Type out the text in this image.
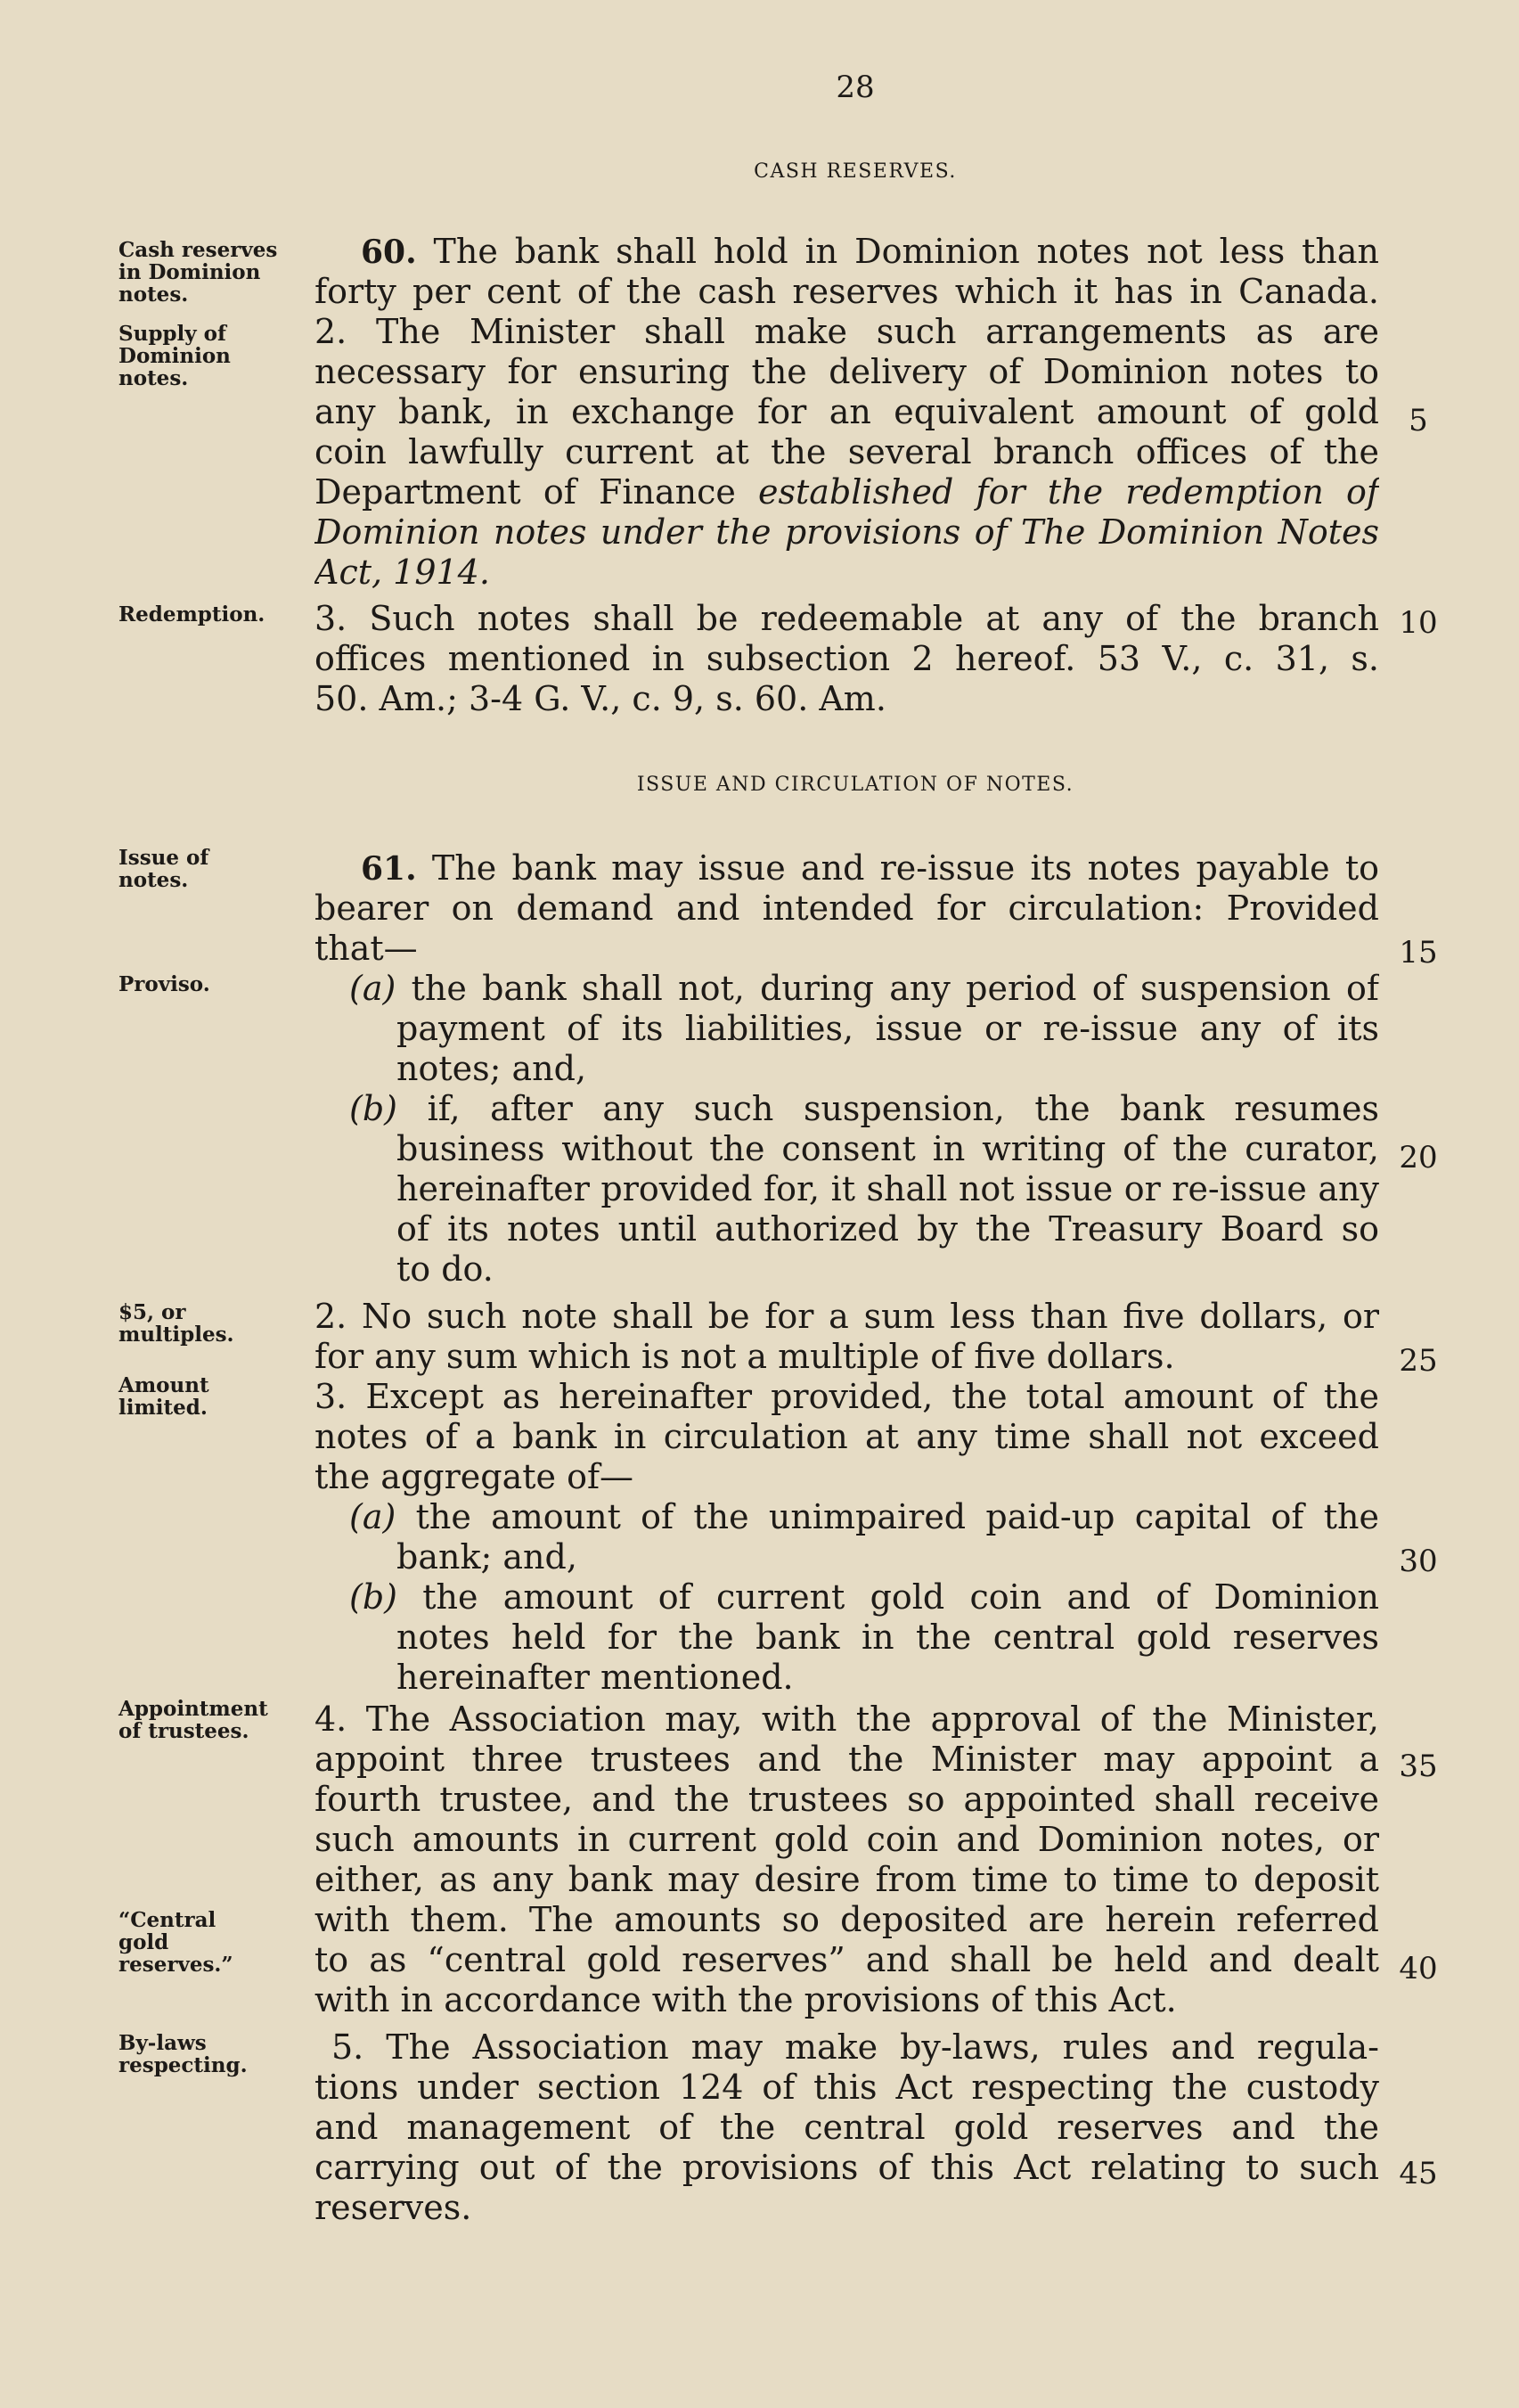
28
CASH RESERVES.
ISSUE AND CIRCULATION OF NOTES.
Cash reserves in Dominion notes.
Supply of Dominion notes.
Redemption.
Issue of notes.
Proviso.
$5, or multiples.
Amount limited.
Appointment of trustees.
“Central gold reserves.”
By-laws respecting.
60. The bank shall hold in Dominion notes not less than
forty per cent of the cash reserves which it has in Canada.
2. The Minister shall make such arrangements as are
necessary for ensuring the delivery of Dominion notes to
any bank, in exchange for an equivalent amount of gold
coin lawfully current at the several branch offices of the
Department of Finance established for the redemption of
Dominion notes under the provisions of The Dominion Notes
Act, 1914.
3. Such notes shall be redeemable at any of the branch
offices mentioned in subsection 2 hereof. 53 V., c. 31, s.
50. Am.; 3-4 G. V., c. 9, s. 60. Am.
61. The bank may issue and re-issue its notes payable to
bearer on demand and intended for circulation: Provided
that—
(a) the bank shall not, during any period of suspension of
payment of its liabilities, issue or re-issue any of its
notes; and,
(b) if, after any such suspension, the bank resumes
business without the consent in writing of the curator,
hereinafter provided for, it shall not issue or re-issue any
of its notes until authorized by the Treasury Board so
to do.
2. No such note shall be for a sum less than five dollars, or
for any sum which is not a multiple of five dollars.
3. Except as hereinafter provided, the total amount of the
notes of a bank in circulation at any time shall not exceed
the aggregate of—
(a) the amount of the unimpaired paid-up capital of the
bank; and,
(b) the amount of current gold coin and of Dominion
notes held for the bank in the central gold reserves
hereinafter mentioned.
4. The Association may, with the approval of the Minister,
appoint three trustees and the Minister may appoint a
fourth trustee, and the trustees so appointed shall receive
such amounts in current gold coin and Dominion notes, or
either, as any bank may desire from time to time to deposit
with them. The amounts so deposited are herein referred
to as “central gold reserves” and shall be held and dealt
with in accordance with the provisions of this Act.
5. The Association may make by-laws, rules and regula-
tions under section 124 of this Act respecting the custody
and management of the central gold reserves and the
carrying out of the provisions of this Act relating to such
reserves.
5
10
15
20
25
30
35
40
45
